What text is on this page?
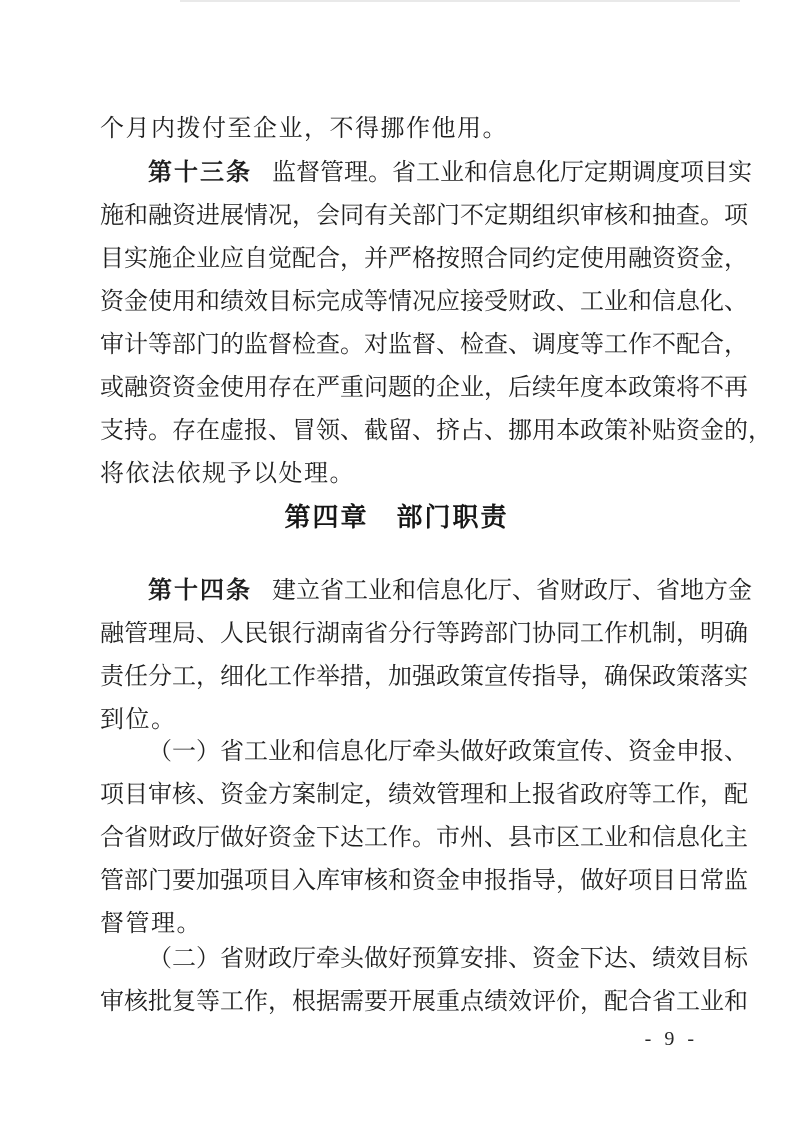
个月内拨付至企业，不得挪作他用。
第 十 三 条 监 督 管 理 。 省 工 业 和 信 息 化 厅 定 期 调 度 项 目 实
施 和 融 资 进 展 情 况 ， 会 同 有 关 部 门 不 定 期 组 织 审 核 和 抽 查 。 项
目 实 施 企 业 应 自 觉 配 合 ， 并 严 格 按 照 合 同 约 定 使 用 融 资 资 金 ，
资 金 使 用 和 绩 效 目 标 完 成 等 情 况 应 接 受 财 政 、 工 业 和 信 息 化 、
审 计 等 部 门 的 监 督 检 查 。 对 监 督 、 检 查 、 调 度 等 工 作 不 配 合 ，
或 融 资 资 金 使 用 存 在 严 重 问 题 的 企 业 ， 后 续 年 度 本 政 策 将 不 再
支 持 。 存 在 虚 报 、 冒 领 、 截 留 、 挤 占 、 挪 用 本 政 策 补 贴 资 金 的 ，
将依法依规予以处理。
第四章　部门职责
第 十 四 条 建 立 省 工 业 和 信 息 化 厅 、 省 财 政 厅 、 省 地 方 金
融 管 理 局 、 人 民 银 行 湖 南 省 分 行 等 跨 部 门 协 同 工 作 机 制 ， 明 确
责 任 分 工 ， 细 化 工 作 举 措 ， 加 强 政 策 宣 传 指 导 ， 确 保 政 策 落 实
到位。
（ 一 ） 省 工 业 和 信 息 化 厅 牵 头 做 好 政 策 宣 传 、 资 金 申 报 、
项 目 审 核 、 资 金 方 案 制 定 ， 绩 效 管 理 和 上 报 省 政 府 等 工 作 ， 配
合 省 财 政 厅 做 好 资 金 下 达 工 作 。 市 州 、 县 市 区 工 业 和 信 息 化 主
管 部 门 要 加 强 项 目 入 库 审 核 和 资 金 申 报 指 导 ， 做 好 项 目 日 常 监
督管理。
（ 二 ） 省 财 政 厅 牵 头 做 好 预 算 安 排 、 资 金 下 达 、 绩 效 目 标
审 核 批 复 等 工 作 ， 根 据 需 要 开 展 重 点 绩 效 评 价 ， 配 合 省 工 业 和
- 9 -
